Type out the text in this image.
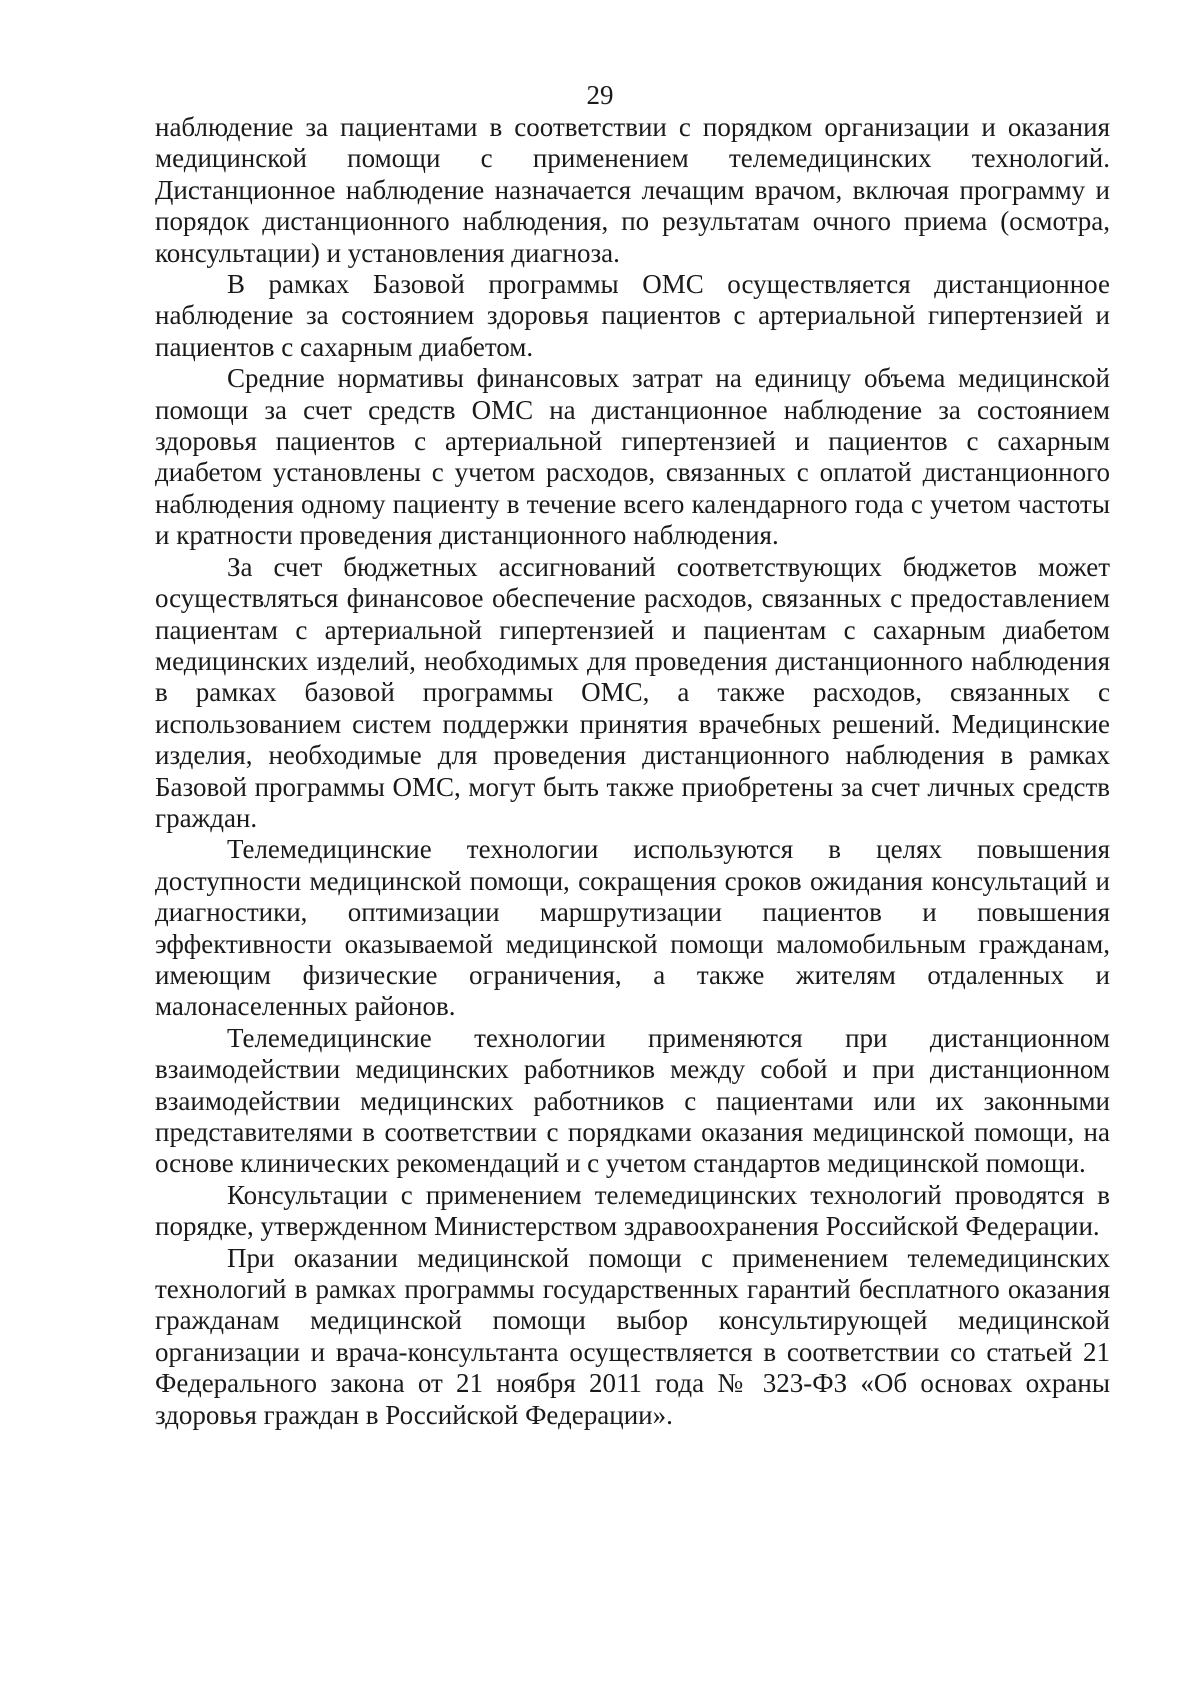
29

наблюдение за пациентами в соответствии с порядком организации и оказания медицинской помощи с применением телемедицинских технологий. Дистанционное наблюдение назначается лечащим врачом, включая программу и порядок дистанционного наблюдения, по результатам очного приема (осмотра, консультации) и установления диагноза.

В рамках Базовой программы ОМС осуществляется дистанционное наблюдение за состоянием здоровья пациентов с артериальной гипертензией и пациентов с сахарным диабетом.

Средние нормативы финансовых затрат на единицу объема медицинской помощи за счет средств ОМС на дистанционное наблюдение за состоянием здоровья пациентов с артериальной гипертензией и пациентов с сахарным диабетом установлены с учетом расходов, связанных с оплатой дистанционного наблюдения одному пациенту в течение всего календарного года с учетом частоты и кратности проведения дистанционного наблюдения.

За счет бюджетных ассигнований соответствующих бюджетов может осуществляться финансовое обеспечение расходов, связанных с предоставлением пациентам с артериальной гипертензией и пациентам с сахарным диабетом медицинских изделий, необходимых для проведения дистанционного наблюдения в рамках базовой программы ОМС, а также расходов, связанных с использованием систем поддержки принятия врачебных решений. Медицинские изделия, необходимые для проведения дистанционного наблюдения в рамках Базовой программы ОМС, могут быть также приобретены за счет личных средств граждан.

Телемедицинские технологии используются в целях повышения доступности медицинской помощи, сокращения сроков ожидания консультаций и диагностики, оптимизации маршрутизации пациентов и повышения эффективности оказываемой медицинской помощи маломобильным гражданам, имеющим физические ограничения, а также жителям отдаленных и малонаселенных районов.

Телемедицинские технологии применяются при дистанционном взаимодействии медицинских работников между собой и при дистанционном взаимодействии медицинских работников с пациентами или их законными представителями в соответствии с порядками оказания медицинской помощи, на основе клинических рекомендаций и с учетом стандартов медицинской помощи.

Консультации с применением телемедицинских технологий проводятся в порядке, утвержденном Министерством здравоохранения Российской Федерации.

При оказании медицинской помощи с применением телемедицинских технологий в рамках программы государственных гарантий бесплатного оказания гражданам медицинской помощи выбор консультирующей медицинской организации и врача-консультанта осуществляется в соответствии со статьей 21 Федерального закона от 21 ноября 2011 года № 323-ФЗ «Об основах охраны здоровья граждан в Российской Федерации».
